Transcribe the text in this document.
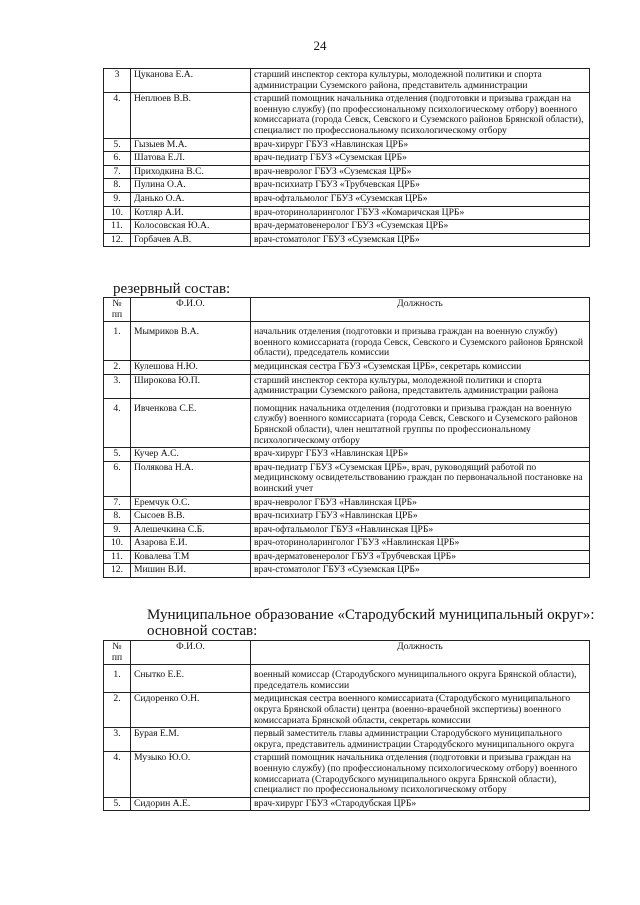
24
3	Цуканова Е.А.	старший инспектор сектора культуры, молодежной политики и спорта администрации Суземского района, представитель администрации
4.	Неплюев В.В.	старший помощник начальника отделения (подготовки и призыва граждан на военную службу) (по профессиональному психологическому отбору) военного комиссариата (города Севск, Севского и Суземского районов Брянской области), специалист по профессиональному психологическому отбору
5.	Гызыев М.А.	врач-хирург ГБУЗ «Навлинская ЦРБ»
6.	Шатова Е.Л.	врач-педиатр ГБУЗ «Суземская ЦРБ»
7.	Приходкина В.С.	врач-невролог ГБУЗ «Суземская ЦРБ»
8.	Пулина О.А.	врач-психиатр ГБУЗ «Трубчевская ЦРБ»
9.	Данько О.А.	врач-офтальмолог ГБУЗ «Суземская ЦРБ»
10.	Котляр А.И.	врач-оториноларинголог ГБУЗ «Комаричская ЦРБ»
11.	Колосовская Ю.А.	врач-дерматовенеролог ГБУЗ «Суземская ЦРБ»
12.	Горбачев А.В.	врач-стоматолог ГБУЗ «Суземская ЦРБ»
резервный состав:
№ пп	Ф.И.О.	Должность
1.	Мымриков В.А.	начальник отделения (подготовки и призыва граждан на военную службу) военного комиссариата (города Севск, Севского и Суземского районов Брянской области), председатель комиссии
2.	Кулешова Н.Ю.	медицинская сестра ГБУЗ «Суземская ЦРБ», секретарь комиссии
3.	Широкова Ю.П.	старший инспектор сектора культуры, молодежной политики и спорта администрации Суземского района, представитель администрации района
4.	Ивченкова С.Е.	помощник начальника отделения (подготовки и призыва граждан на военную службу) военного комиссариата (города Севск, Севского и Суземского районов Брянской области), член нештатной группы по профессиональному психологическому отбору
5.	Кучер А.С.	врач-хирург ГБУЗ «Навлинская ЦРБ»
6.	Полякова Н.А.	врач-педиатр ГБУЗ «Суземская ЦРБ», врач, руководящий работой по медицинскому освидетельствованию граждан по первоначальной постановке на воинский учет
7.	Еремчук О.С.	врач-невролог ГБУЗ «Навлинская ЦРБ»
8.	Сысоев В.В.	врач-психиатр ГБУЗ «Навлинская ЦРБ»
9.	Алешечкина С.Б.	врач-офтальмолог ГБУЗ «Навлинская ЦРБ»
10.	Азарова Е.И.	врач-оториноларинголог ГБУЗ «Навлинская ЦРБ»
11.	Ковалева Т.М	врач-дерматовенеролог ГБУЗ «Трубчевская ЦРБ»
12.	Мишин В.И.	врач-стоматолог ГБУЗ «Суземская ЦРБ»
Муниципальное образование «Стародубский муниципальный округ»:
основной состав:
№ пп	Ф.И.О.	Должность
1.	Снытко Е.Е.	военный комиссар (Стародубского муниципального округа Брянской области), председатель комиссии
2.	Сидоренко О.Н.	медицинская сестра военного комиссариата (Стародубского муниципального округа Брянской области) центра (военно-врачебной экспертизы) военного комиссариата Брянской области, секретарь комиссии
3.	Бурая Е.М.	первый заместитель главы администрации Стародубского муниципального округа, представитель администрации Стародубского муниципального округа
4.	Музыко Ю.О.	старший помощник начальника отделения (подготовки и призыва граждан на военную службу) (по профессиональному психологическому отбору) военного комиссариата (Стародубского муниципального округа Брянской области), специалист по профессиональному психологическому отбору
5.	Сидорин А.Е.	врач-хирург ГБУЗ «Стародубская ЦРБ»
